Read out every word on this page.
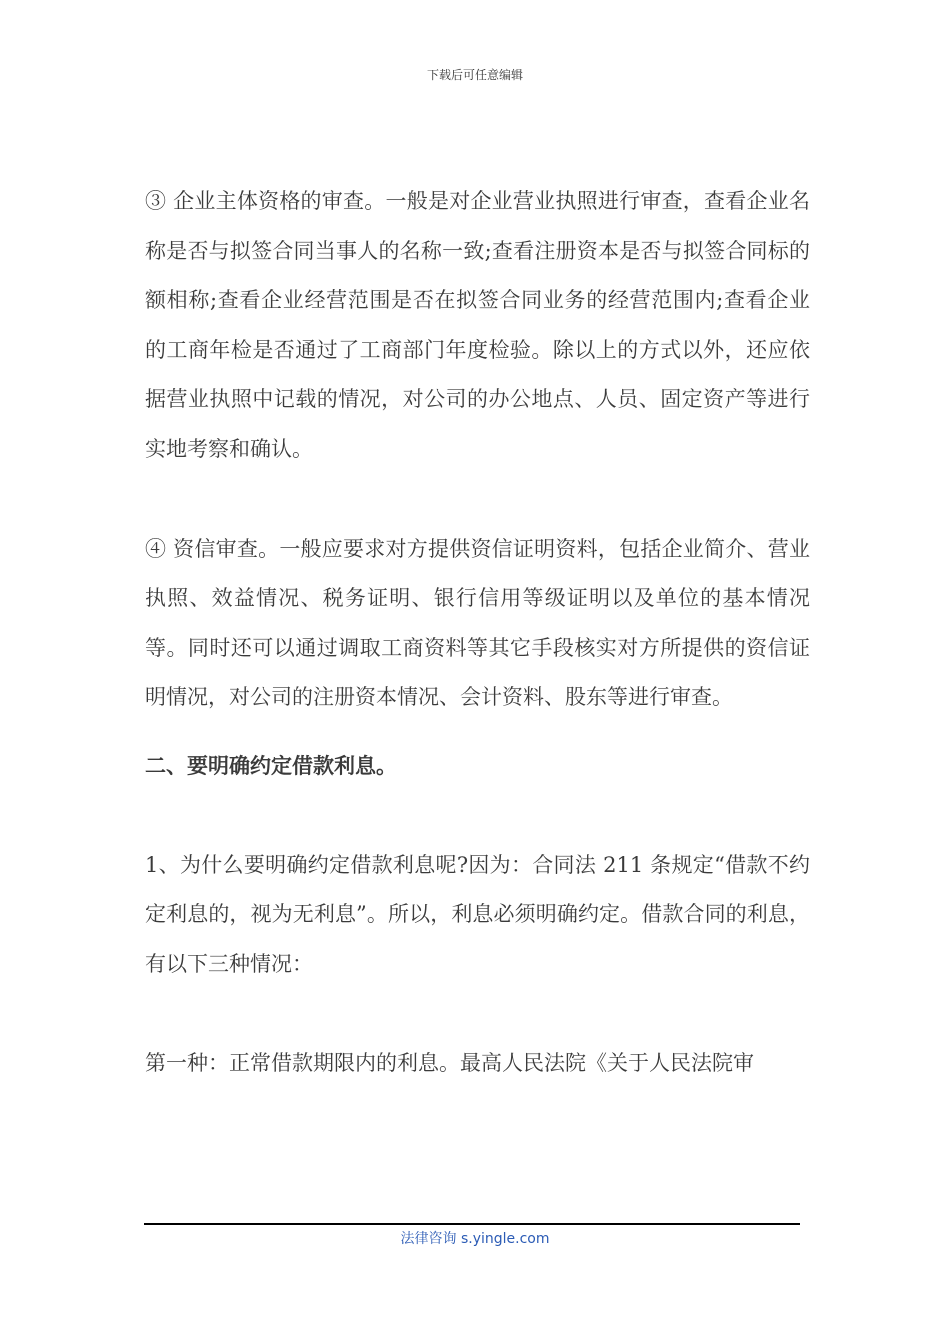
下载后可任意编辑

③ 企业主体资格的审查。一般是对企业营业执照进行审查，查看企业名称是否与拟签合同当事人的名称一致;查看注册资本是否与拟签合同标的额相称;查看企业经营范围是否在拟签合同业务的经营范围内;查看企业的工商年检是否通过了工商部门年度检验。除以上的方式以外，还应依据营业执照中记载的情况，对公司的办公地点、人员、固定资产等进行实地考察和确认。

④ 资信审查。一般应要求对方提供资信证明资料，包括企业简介、营业执照、效益情况、税务证明、银行信用等级证明以及单位的基本情况等。同时还可以通过调取工商资料等其它手段核实对方所提供的资信证明情况，对公司的注册资本情况、会计资料、股东等进行审查。

二、要明确约定借款利息。

1、为什么要明确约定借款利息呢?因为：合同法 211 条规定“借款不约定利息的，视为无利息”。所以，利息必须明确约定。借款合同的利息，有以下三种情况：

第一种：正常借款期限内的利息。最高人民法院《关于人民法院审

法律咨询 s.yingle.com
